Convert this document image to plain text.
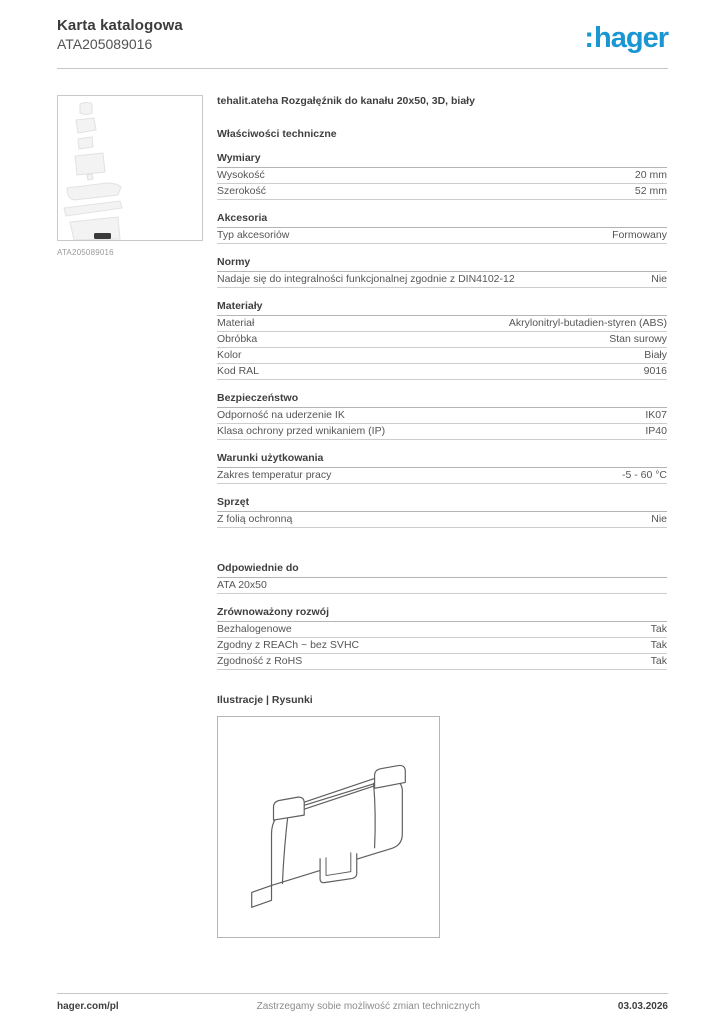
Karta katalogowa
ATA205089016	:hager
ATA205089016
tehalit.ateha Rozgałęźnik do kanału 20x50, 3D, biały
Właściwości techniczne
Wymiary
Wysokość	20 mm
Szerokość	52 mm
Akcesoria
Typ akcesoriów	Formowany
Normy
Nadaje się do integralności funkcjonalnej zgodnie z DIN4102-12	Nie
Materiały
Materiał	Akrylonitryl-butadien-styren (ABS)
Obróbka	Stan surowy
Kolor	Biały
Kod RAL	9016
Bezpieczeństwo
Odporność na uderzenie IK	IK07
Klasa ochrony przed wnikaniem (IP)	IP40
Warunki użytkowania
Zakres temperatur pracy	-5 - 60 °C
Sprzęt
Z folią ochronną	Nie
Odpowiednie do
ATA 20x50
Zrównoważony rozwój
Bezhalogenowe	Tak
Zgodny z REACh ~ bez SVHC	Tak
Zgodność z RoHS	Tak
Ilustracje | Rysunki
hager.com/pl	Zastrzegamy sobie możliwość zmian technicznych	03.03.2026
